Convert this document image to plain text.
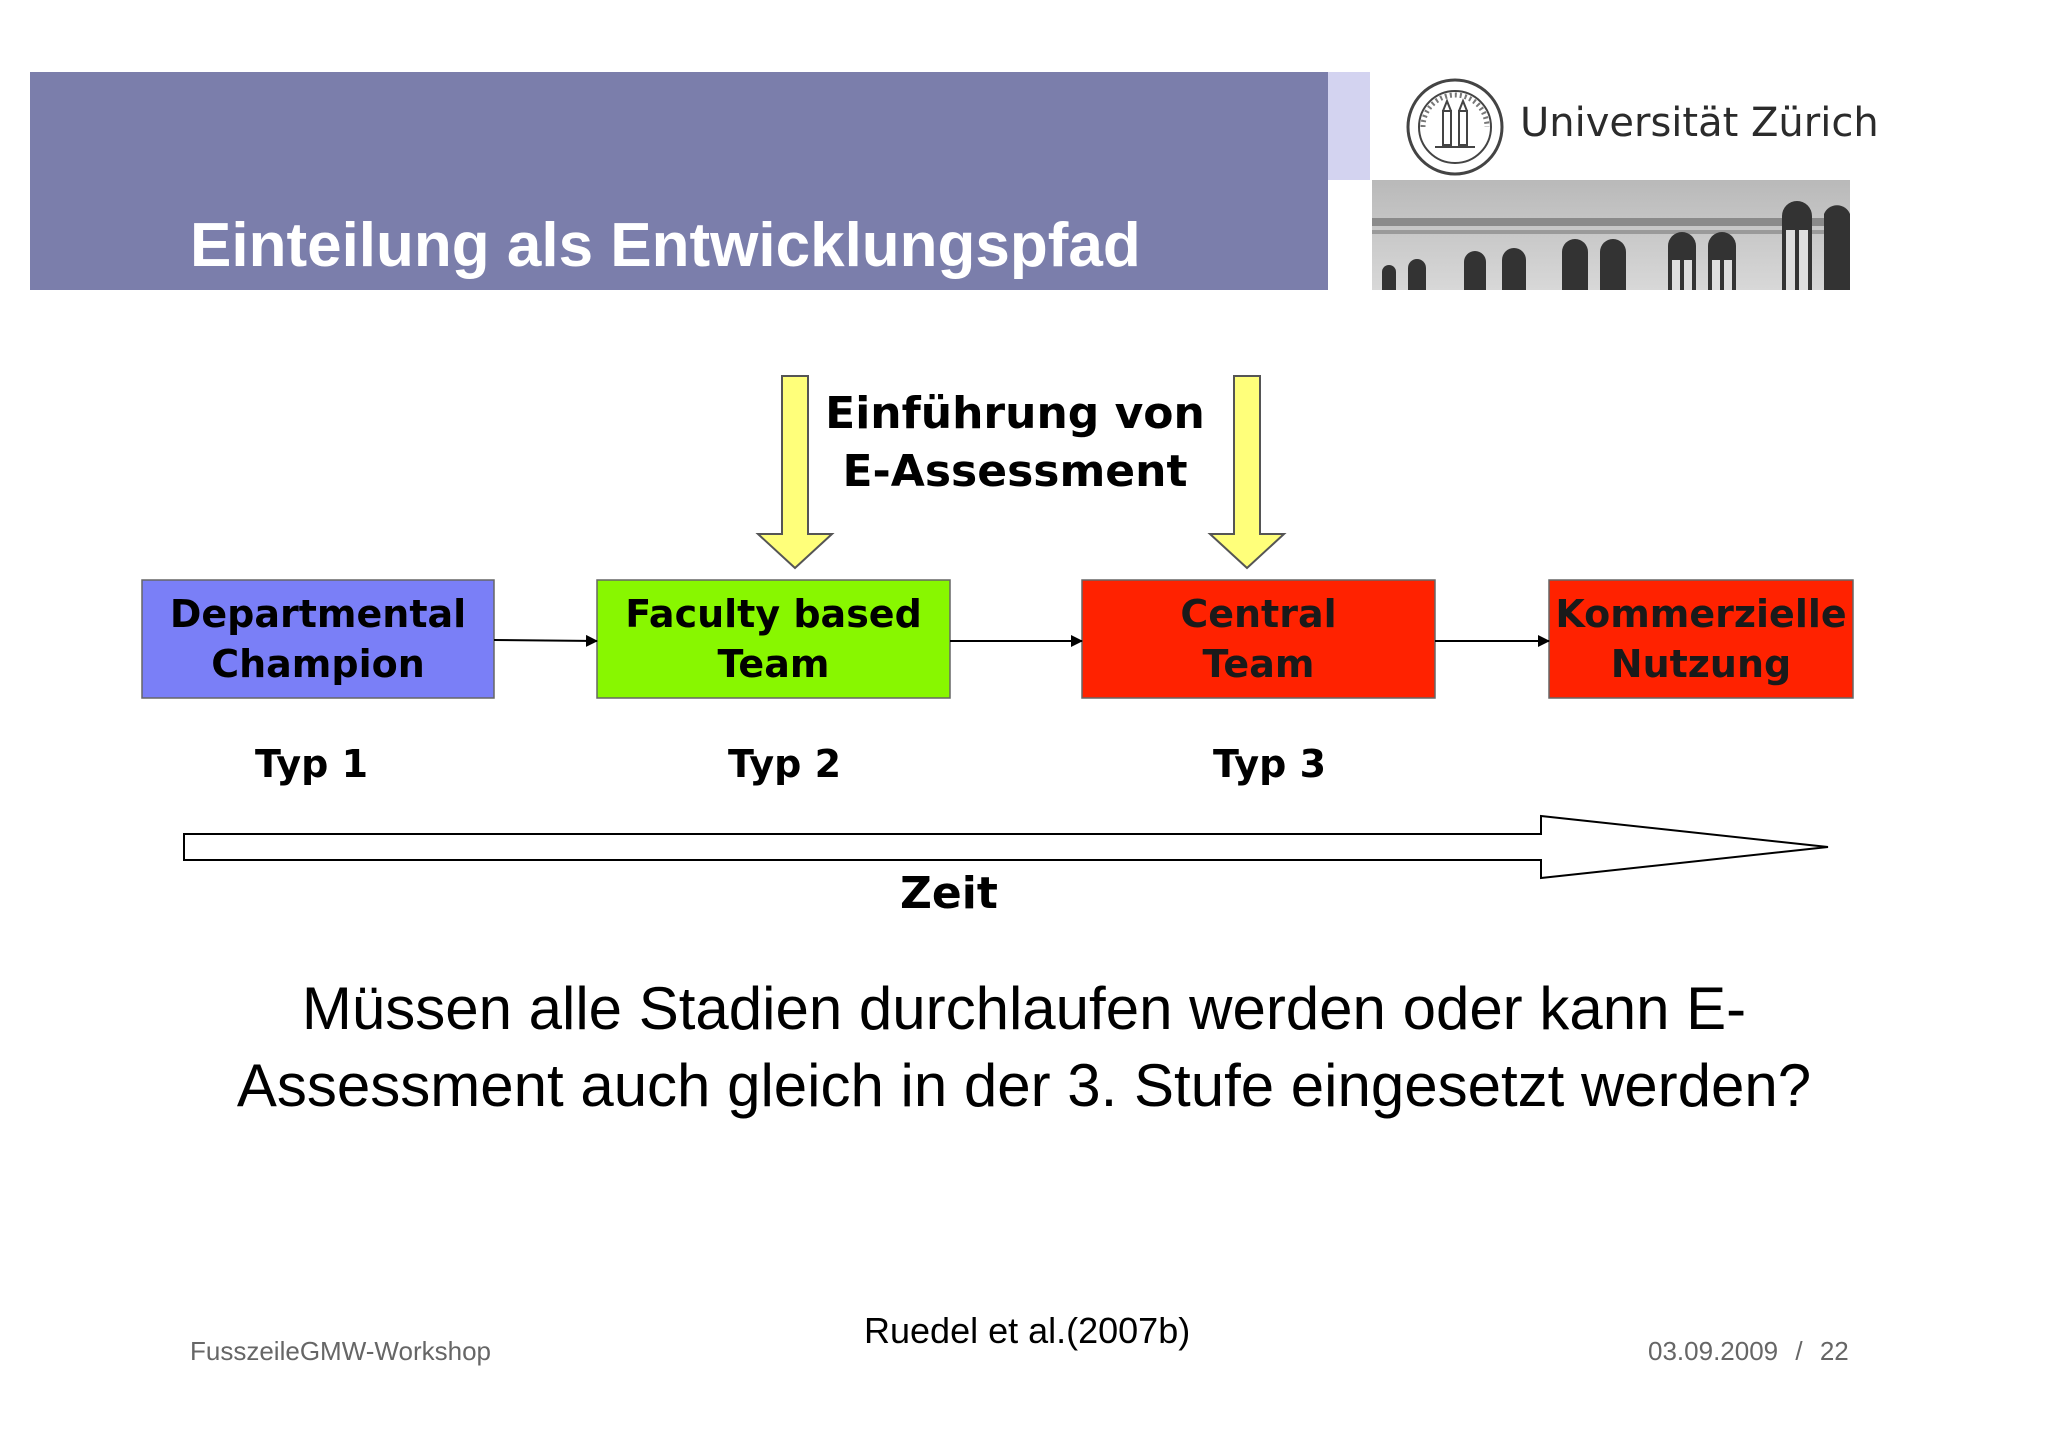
Einteilung als Entwicklungspfad
Universität Zürich
Departmental
Champion
Faculty based
Team
Central
Team
Kommerzielle
Nutzung
Typ 1	Typ 2	Typ 3
Einführung von
E-Assessment
Zeit
Müssen alle Stadien durchlaufen werden oder kann E-Assessment auch gleich in der 3. Stufe eingesetzt werden?
Ruedel et al.(2007b)
FusszeileGMW-Workshop	03.09.2009 / 22
